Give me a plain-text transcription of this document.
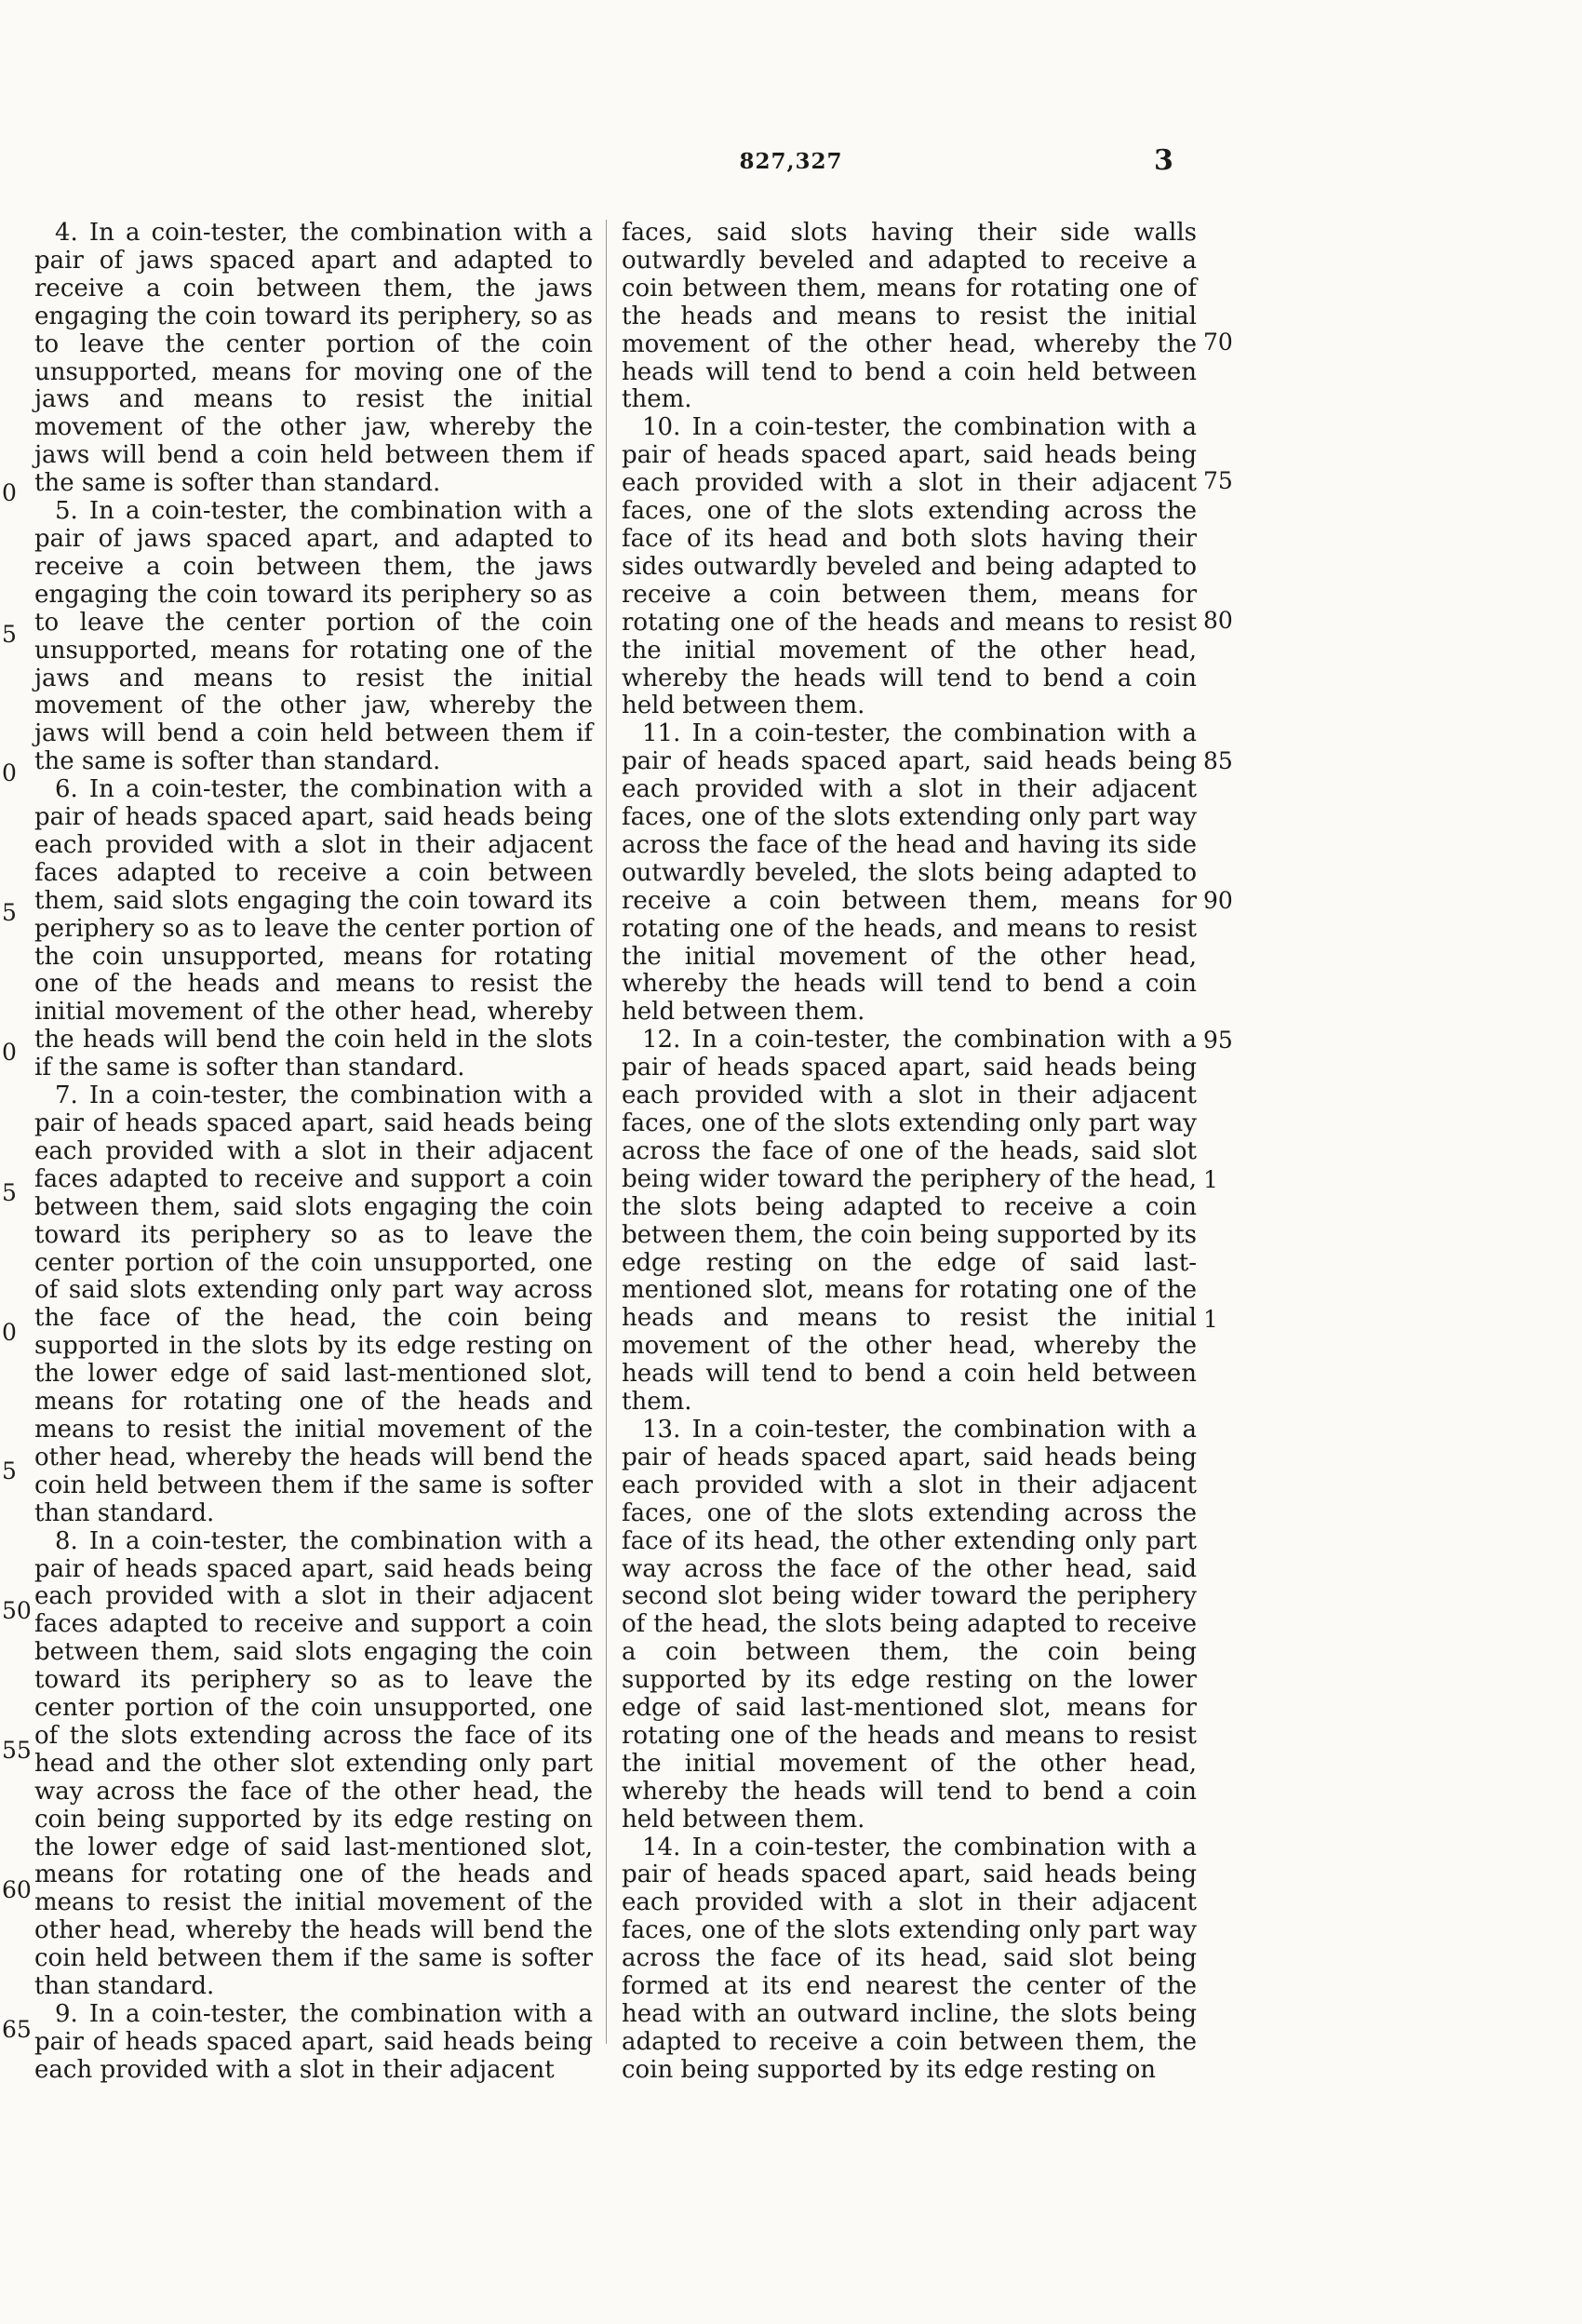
827,327	3

4. In a coin-tester, the combination with a pair of jaws spaced apart and adapted to receive a coin between them, the jaws engaging the coin toward its periphery, so as to leave the center portion of the coin unsupported, means for moving one of the jaws and means to resist the initial movement of the other jaw, whereby the jaws will bend a coin held between them if the same is softer than standard.

5. In a coin-tester, the combination with a pair of jaws spaced apart, and adapted to receive a coin between them, the jaws engaging the coin toward its periphery so as to leave the center portion of the coin unsupported, means for rotating one of the jaws and means to resist the initial movement of the other jaw, whereby the jaws will bend a coin held between them if the same is softer than standard.

6. In a coin-tester, the combination with a pair of heads spaced apart, said heads being each provided with a slot in their adjacent faces adapted to receive a coin between them, said slots engaging the coin toward its periphery so as to leave the center portion of the coin unsupported, means for rotating one of the heads and means to resist the initial movement of the other head, whereby the heads will bend the coin held in the slots if the same is softer than standard.

7. In a coin-tester, the combination with a pair of heads spaced apart, said heads being each provided with a slot in their adjacent faces adapted to receive and support a coin between them, said slots engaging the coin toward its periphery so as to leave the center portion of the coin unsupported, one of said slots extending only part way across the face of the head, the coin being supported in the slots by its edge resting on the lower edge of said last-mentioned slot, means for rotating one of the heads and means to resist the initial movement of the other head, whereby the heads will bend the coin held between them if the same is softer than standard.

8. In a coin-tester, the combination with a pair of heads spaced apart, said heads being each provided with a slot in their adjacent faces adapted to receive and support a coin between them, said slots engaging the coin toward its periphery so as to leave the center portion of the coin unsupported, one of the slots extending across the face of its head and the other slot extending only part way across the face of the other head, the coin being supported by its edge resting on the lower edge of said last-mentioned slot, means for rotating one of the heads and means to resist the initial movement of the other head, whereby the heads will bend the coin held between them if the same is softer than standard.

9. In a coin-tester, the combination with a pair of heads spaced apart, said heads being each provided with a slot in their adjacent

faces, said slots having their side walls outwardly beveled and adapted to receive a coin between them, means for rotating one of the heads and means to resist the initial movement of the other head, whereby the heads will tend to bend a coin held between them.

10. In a coin-tester, the combination with a pair of heads spaced apart, said heads being each provided with a slot in their adjacent faces, one of the slots extending across the face of its head and both slots having their sides outwardly beveled and being adapted to receive a coin between them, means for rotating one of the heads and means to resist the initial movement of the other head, whereby the heads will tend to bend a coin held between them.

11. In a coin-tester, the combination with a pair of heads spaced apart, said heads being each provided with a slot in their adjacent faces, one of the slots extending only part way across the face of the head and having its side outwardly beveled, the slots being adapted to receive a coin between them, means for rotating one of the heads, and means to resist the initial movement of the other head, whereby the heads will tend to bend a coin held between them.

12. In a coin-tester, the combination with a pair of heads spaced apart, said heads being each provided with a slot in their adjacent faces, one of the slots extending only part way across the face of one of the heads, said slot being wider toward the periphery of the head, the slots being adapted to receive a coin between them, the coin being supported by its edge resting on the edge of said last-mentioned slot, means for rotating one of the heads and means to resist the initial movement of the other head, whereby the heads will tend to bend a coin held between them.

13. In a coin-tester, the combination with a pair of heads spaced apart, said heads being each provided with a slot in their adjacent faces, one of the slots extending across the face of its head, the other extending only part way across the face of the other head, said second slot being wider toward the periphery of the head, the slots being adapted to receive a coin between them, the coin being supported by its edge resting on the lower edge of said last-mentioned slot, means for rotating one of the heads and means to resist the initial movement of the other head, whereby the heads will tend to bend a coin held between them.

14. In a coin-tester, the combination with a pair of heads spaced apart, said heads being each provided with a slot in their adjacent faces, one of the slots extending only part way across the face of its head, said slot being formed at its end nearest the center of the head with an outward incline, the slots being adapted to receive a coin between them, the coin being supported by its edge resting on

0
5
0
5
0
5
0
5
50
55
60
65
70
75
80
85
90
95
1
1
